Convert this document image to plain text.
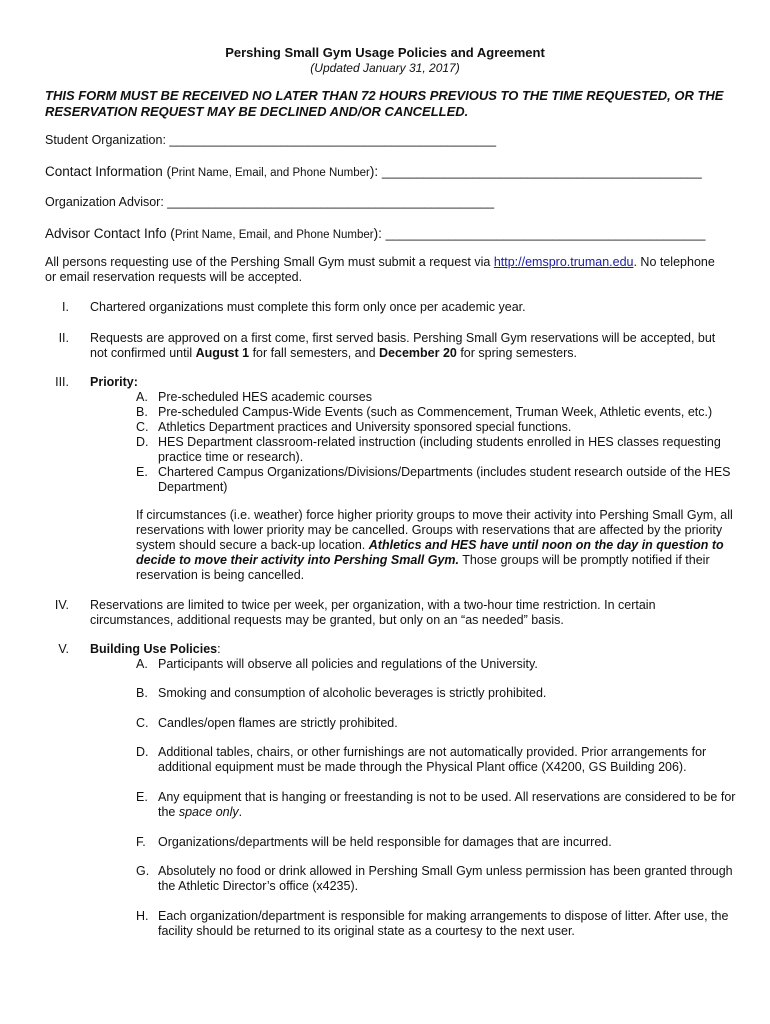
Pershing Small Gym Usage Policies and Agreement
(Updated January 31, 2017)
THIS FORM MUST BE RECEIVED NO LATER THAN 72 HOURS PREVIOUS TO THE TIME REQUESTED, OR THE RESERVATION REQUEST MAY BE DECLINED AND/OR CANCELLED.
Student Organization: _______________________________________________
Contact Information (Print Name, Email, and Phone Number): ______________________________________________
Organization Advisor: _______________________________________________
Advisor Contact Info (Print Name, Email, and Phone Number): ______________________________________________
All persons requesting use of the Pershing Small Gym must submit a request via http://emspro.truman.edu. No telephone or email reservation requests will be accepted.
I. Chartered organizations must complete this form only once per academic year.
II. Requests are approved on a first come, first served basis. Pershing Small Gym reservations will be accepted, but not confirmed until August 1 for fall semesters, and December 20 for spring semesters.
III. Priority:
A. Pre-scheduled HES academic courses
B. Pre-scheduled Campus-Wide Events (such as Commencement, Truman Week, Athletic events, etc.)
C. Athletics Department practices and University sponsored special functions.
D. HES Department classroom-related instruction (including students enrolled in HES classes requesting practice time or research).
E. Chartered Campus Organizations/Divisions/Departments (includes student research outside of the HES Department)
If circumstances (i.e. weather) force higher priority groups to move their activity into Pershing Small Gym, all reservations with lower priority may be cancelled. Groups with reservations that are affected by the priority system should secure a back-up location. Athletics and HES have until noon on the day in question to decide to move their activity into Pershing Small Gym. Those groups will be promptly notified if their reservation is being cancelled.
IV. Reservations are limited to twice per week, per organization, with a two-hour time restriction. In certain circumstances, additional requests may be granted, but only on an “as needed” basis.
V. Building Use Policies:
A. Participants will observe all policies and regulations of the University.
B. Smoking and consumption of alcoholic beverages is strictly prohibited.
C. Candles/open flames are strictly prohibited.
D. Additional tables, chairs, or other furnishings are not automatically provided. Prior arrangements for additional equipment must be made through the Physical Plant office (X4200, GS Building 206).
E. Any equipment that is hanging or freestanding is not to be used. All reservations are considered to be for the space only.
F. Organizations/departments will be held responsible for damages that are incurred.
G. Absolutely no food or drink allowed in Pershing Small Gym unless permission has been granted through the Athletic Director’s office (x4235).
H. Each organization/department is responsible for making arrangements to dispose of litter. After use, the facility should be returned to its original state as a courtesy to the next user.
